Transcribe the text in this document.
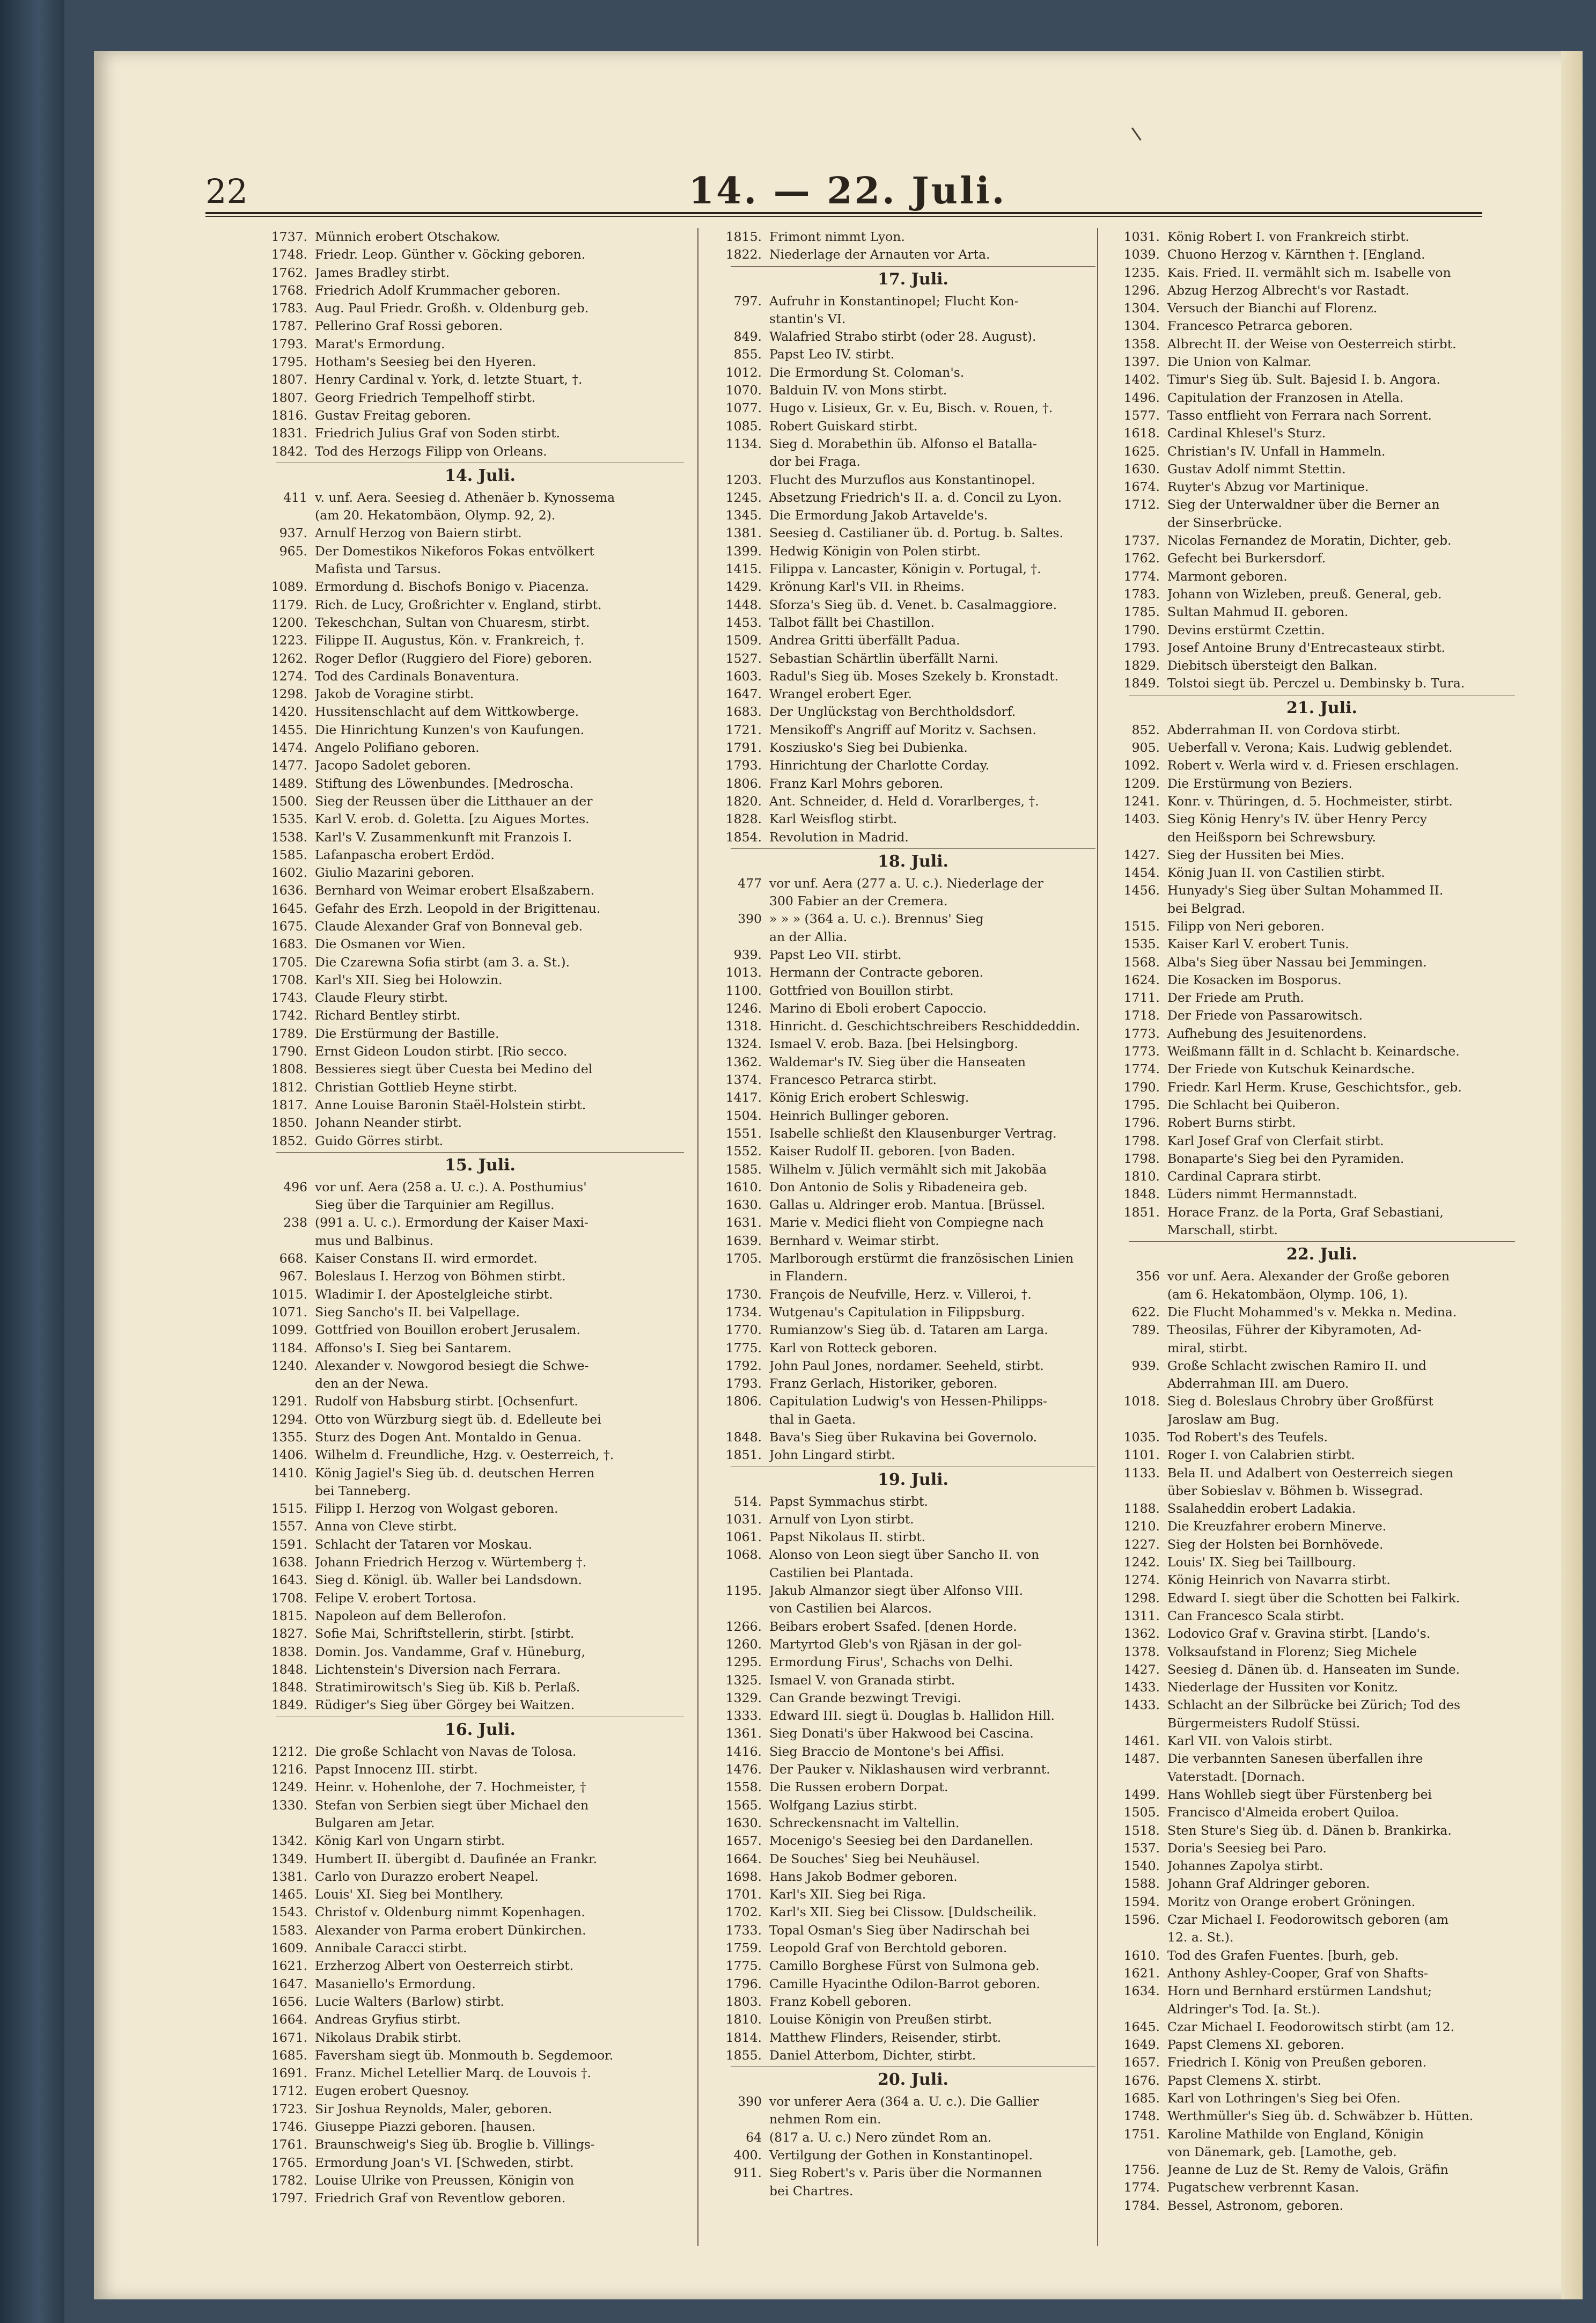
22	14. — 22. Juli.
1737. Münnich erobert Otschakow.
1748. Friedr. Leop. Günther v. Göcking geboren.
1762. James Bradley stirbt.
1768. Friedrich Adolf Krummacher geboren.
1783. Aug. Paul Friedr. Großh. v. Oldenburg geb.
1787. Pellerino Graf Rossi geboren.
1793. Marat's Ermordung.
1795. Hotham's Seesieg bei den Hyeren.
1807. Henry Cardinal v. York, d. letzte Stuart, †.
1807. Georg Friedrich Tempelhoff stirbt.
1816. Gustav Freitag geboren.
1831. Friedrich Julius Graf von Soden stirbt.
1842. Tod des Herzogs Filipp von Orleans.
14. Juli.
411 v. unf. Aera. Seesieg d. Athenäer b. Kynossema
(am 20. Hekatombäon, Olymp. 92, 2).
937. Arnulf Herzog von Baiern stirbt.
965. Der Domestikos Nikeforos Fokas entvölkert
Mafista und Tarsus.
1089. Ermordung d. Bischofs Bonigo v. Piacenza.
1179. Rich. de Lucy, Großrichter v. England, stirbt.
1200. Tekeschchan, Sultan von Chuaresm, stirbt.
1223. Filippe II. Augustus, Kön. v. Frankreich, †.
1262. Roger Deflor (Ruggiero del Fiore) geboren.
1274. Tod des Cardinals Bonaventura.
1298. Jakob de Voragine stirbt.
1420. Hussitenschlacht auf dem Wittkowberge.
1455. Die Hinrichtung Kunzen's von Kaufungen.
1474. Angelo Polifiano geboren.
1477. Jacopo Sadolet geboren.
1489. Stiftung des Löwenbundes. [Medroscha.
1500. Sieg der Reussen über die Litthauer an der
1535. Karl V. erob. d. Goletta. [zu Aigues Mortes.
1538. Karl's V. Zusammenkunft mit Franzois I.
1585. Lafanpascha erobert Erdöd.
1602. Giulio Mazarini geboren.
1636. Bernhard von Weimar erobert Elsaßzabern.
1645. Gefahr des Erzh. Leopold in der Brigittenau.
1675. Claude Alexander Graf von Bonneval geb.
1683. Die Osmanen vor Wien.
1705. Die Czarewna Sofia stirbt (am 3. a. St.).
1708. Karl's XII. Sieg bei Holowzin.
1743. Claude Fleury stirbt.
1742. Richard Bentley stirbt.
1789. Die Erstürmung der Bastille.
1790. Ernst Gideon Loudon stirbt. [Rio secco.
1808. Bessieres siegt über Cuesta bei Medino del
1812. Christian Gottlieb Heyne stirbt.
1817. Anne Louise Baronin Staël-Holstein stirbt.
1850. Johann Neander stirbt.
1852. Guido Görres stirbt.
15. Juli.
496 vor unf. Aera (258 a. U. c.). A. Posthumius'
Sieg über die Tarquinier am Regillus.
238 (991 a. U. c.). Ermordung der Kaiser Maxi-
mus und Balbinus.
668. Kaiser Constans II. wird ermordet.
967. Boleslaus I. Herzog von Böhmen stirbt.
1015. Wladimir I. der Apostelgleiche stirbt.
1071. Sieg Sancho's II. bei Valpellage.
1099. Gottfried von Bouillon erobert Jerusalem.
1184. Affonso's I. Sieg bei Santarem.
1240. Alexander v. Nowgorod besiegt die Schwe-
den an der Newa.
1291. Rudolf von Habsburg stirbt. [Ochsenfurt.
1294. Otto von Würzburg siegt üb. d. Edelleute bei
1355. Sturz des Dogen Ant. Montaldo in Genua.
1406. Wilhelm d. Freundliche, Hzg. v. Oesterreich, †.
1410. König Jagiel's Sieg üb. d. deutschen Herren
bei Tanneberg.
1515. Filipp I. Herzog von Wolgast geboren.
1557. Anna von Cleve stirbt.
1591. Schlacht der Tataren vor Moskau.
1638. Johann Friedrich Herzog v. Würtemberg †.
1643. Sieg d. Königl. üb. Waller bei Landsdown.
1708. Felipe V. erobert Tortosa.
1815. Napoleon auf dem Bellerofon.
1827. Sofie Mai, Schriftstellerin, stirbt. [stirbt.
1838. Domin. Jos. Vandamme, Graf v. Hüneburg,
1848. Lichtenstein's Diversion nach Ferrara.
1848. Stratimirowitsch's Sieg üb. Kiß b. Perlaß.
1849. Rüdiger's Sieg über Görgey bei Waitzen.
16. Juli.
1212. Die große Schlacht von Navas de Tolosa.
1216. Papst Innocenz III. stirbt.
1249. Heinr. v. Hohenlohe, der 7. Hochmeister, †
1330. Stefan von Serbien siegt über Michael den
Bulgaren am Jetar.
1342. König Karl von Ungarn stirbt.
1349. Humbert II. übergibt d. Daufinée an Frankr.
1381. Carlo von Durazzo erobert Neapel.
1465. Louis' XI. Sieg bei Montlhery.
1543. Christof v. Oldenburg nimmt Kopenhagen.
1583. Alexander von Parma erobert Dünkirchen.
1609. Annibale Caracci stirbt.
1621. Erzherzog Albert von Oesterreich stirbt.
1647. Masaniello's Ermordung.
1656. Lucie Walters (Barlow) stirbt.
1664. Andreas Gryfius stirbt.
1671. Nikolaus Drabik stirbt.
1685. Faversham siegt üb. Monmouth b. Segdemoor.
1691. Franz. Michel Letellier Marq. de Louvois †.
1712. Eugen erobert Quesnoy.
1723. Sir Joshua Reynolds, Maler, geboren.
1746. Giuseppe Piazzi geboren. [hausen.
1761. Braunschweig's Sieg üb. Broglie b. Villings-
1765. Ermordung Joan's VI. [Schweden, stirbt.
1782. Louise Ulrike von Preussen, Königin von
1797. Friedrich Graf von Reventlow geboren.
1815. Frimont nimmt Lyon.
1822. Niederlage der Arnauten vor Arta.
17. Juli.
797. Aufruhr in Konstantinopel; Flucht Kon-
stantin's VI.
849. Walafried Strabo stirbt (oder 28. August).
855. Papst Leo IV. stirbt.
1012. Die Ermordung St. Coloman's.
1070. Balduin IV. von Mons stirbt.
1077. Hugo v. Lisieux, Gr. v. Eu, Bisch. v. Rouen, †.
1085. Robert Guiskard stirbt.
1134. Sieg d. Morabethin üb. Alfonso el Batalla-
dor bei Fraga.
1203. Flucht des Murzuflos aus Konstantinopel.
1245. Absetzung Friedrich's II. a. d. Concil zu Lyon.
1345. Die Ermordung Jakob Artavelde's.
1381. Seesieg d. Castilianer üb. d. Portug. b. Saltes.
1399. Hedwig Königin von Polen stirbt.
1415. Filippa v. Lancaster, Königin v. Portugal, †.
1429. Krönung Karl's VII. in Rheims.
1448. Sforza's Sieg üb. d. Venet. b. Casalmaggiore.
1453. Talbot fällt bei Chastillon.
1509. Andrea Gritti überfällt Padua.
1527. Sebastian Schärtlin überfällt Narni.
1603. Radul's Sieg üb. Moses Szekely b. Kronstadt.
1647. Wrangel erobert Eger.
1683. Der Unglückstag von Berchtholdsdorf.
1721. Mensikoff's Angriff auf Moritz v. Sachsen.
1791. Kosziusko's Sieg bei Dubienka.
1793. Hinrichtung der Charlotte Corday.
1806. Franz Karl Mohrs geboren.
1820. Ant. Schneider, d. Held d. Vorarlberges, †.
1828. Karl Weisflog stirbt.
1854. Revolution in Madrid.
18. Juli.
477 vor unf. Aera (277 a. U. c.). Niederlage der
300 Fabier an der Cremera.
390 » » » (364 a. U. c.). Brennus' Sieg
an der Allia.
939. Papst Leo VII. stirbt.
1013. Hermann der Contracte geboren.
1100. Gottfried von Bouillon stirbt.
1246. Marino di Eboli erobert Capoccio.
1318. Hinricht. d. Geschichtschreibers Reschiddeddin.
1324. Ismael V. erob. Baza. [bei Helsingborg.
1362. Waldemar's IV. Sieg über die Hanseaten
1374. Francesco Petrarca stirbt.
1417. König Erich erobert Schleswig.
1504. Heinrich Bullinger geboren.
1551. Isabelle schließt den Klausenburger Vertrag.
1552. Kaiser Rudolf II. geboren. [von Baden.
1585. Wilhelm v. Jülich vermählt sich mit Jakobäa
1610. Don Antonio de Solis y Ribadeneira geb.
1630. Gallas u. Aldringer erob. Mantua. [Brüssel.
1631. Marie v. Medici flieht von Compiegne nach
1639. Bernhard v. Weimar stirbt.
1705. Marlborough erstürmt die französischen Linien
in Flandern.
1730. François de Neufville, Herz. v. Villeroi, †.
1734. Wutgenau's Capitulation in Filippsburg.
1770. Rumianzow's Sieg üb. d. Tataren am Larga.
1775. Karl von Rotteck geboren.
1792. John Paul Jones, nordamer. Seeheld, stirbt.
1793. Franz Gerlach, Historiker, geboren.
1806. Capitulation Ludwig's von Hessen-Philipps-
thal in Gaeta.
1848. Bava's Sieg über Rukavina bei Governolo.
1851. John Lingard stirbt.
19. Juli.
514. Papst Symmachus stirbt.
1031. Arnulf von Lyon stirbt.
1061. Papst Nikolaus II. stirbt.
1068. Alonso von Leon siegt über Sancho II. von
Castilien bei Plantada.
1195. Jakub Almanzor siegt über Alfonso VIII.
von Castilien bei Alarcos.
1266. Beibars erobert Ssafed. [denen Horde.
1260. Martyrtod Gleb's von Rjäsan in der gol-
1295. Ermordung Firus', Schachs von Delhi.
1325. Ismael V. von Granada stirbt.
1329. Can Grande bezwingt Trevigi.
1333. Edward III. siegt ü. Douglas b. Hallidon Hill.
1361. Sieg Donati's über Hakwood bei Cascina.
1416. Sieg Braccio de Montone's bei Affisi.
1476. Der Pauker v. Niklashausen wird verbrannt.
1558. Die Russen erobern Dorpat.
1565. Wolfgang Lazius stirbt.
1630. Schreckensnacht im Valtellin.
1657. Mocenigo's Seesieg bei den Dardanellen.
1664. De Souches' Sieg bei Neuhäusel.
1698. Hans Jakob Bodmer geboren.
1701. Karl's XII. Sieg bei Riga.
1702. Karl's XII. Sieg bei Clissow. [Duldscheilik.
1733. Topal Osman's Sieg über Nadirschah bei
1759. Leopold Graf von Berchtold geboren.
1775. Camillo Borghese Fürst von Sulmona geb.
1796. Camille Hyacinthe Odilon-Barrot geboren.
1803. Franz Kobell geboren.
1810. Louise Königin von Preußen stirbt.
1814. Matthew Flinders, Reisender, stirbt.
1855. Daniel Atterbom, Dichter, stirbt.
20. Juli.
390 vor unferer Aera (364 a. U. c.). Die Gallier
nehmen Rom ein.
64 (817 a. U. c.) Nero zündet Rom an.
400. Vertilgung der Gothen in Konstantinopel.
911. Sieg Robert's v. Paris über die Normannen
bei Chartres.
1031. König Robert I. von Frankreich stirbt.
1039. Chuono Herzog v. Kärnthen †. [England.
1235. Kais. Fried. II. vermählt sich m. Isabelle von
1296. Abzug Herzog Albrecht's vor Rastadt.
1304. Versuch der Bianchi auf Florenz.
1304. Francesco Petrarca geboren.
1358. Albrecht II. der Weise von Oesterreich stirbt.
1397. Die Union von Kalmar.
1402. Timur's Sieg üb. Sult. Bajesid I. b. Angora.
1496. Capitulation der Franzosen in Atella.
1577. Tasso entflieht von Ferrara nach Sorrent.
1618. Cardinal Khlesel's Sturz.
1625. Christian's IV. Unfall in Hammeln.
1630. Gustav Adolf nimmt Stettin.
1674. Ruyter's Abzug vor Martinique.
1712. Sieg der Unterwaldner über die Berner an
der Sinserbrücke.
1737. Nicolas Fernandez de Moratin, Dichter, geb.
1762. Gefecht bei Burkersdorf.
1774. Marmont geboren.
1783. Johann von Wizleben, preuß. General, geb.
1785. Sultan Mahmud II. geboren.
1790. Devins erstürmt Czettin.
1793. Josef Antoine Bruny d'Entrecasteaux stirbt.
1829. Diebitsch übersteigt den Balkan.
1849. Tolstoi siegt üb. Perczel u. Dembinsky b. Tura.
21. Juli.
852. Abderrahman II. von Cordova stirbt.
905. Ueberfall v. Verona; Kais. Ludwig geblendet.
1092. Robert v. Werla wird v. d. Friesen erschlagen.
1209. Die Erstürmung von Beziers.
1241. Konr. v. Thüringen, d. 5. Hochmeister, stirbt.
1403. Sieg König Henry's IV. über Henry Percy
den Heißsporn bei Schrewsbury.
1427. Sieg der Hussiten bei Mies.
1454. König Juan II. von Castilien stirbt.
1456. Hunyady's Sieg über Sultan Mohammed II.
bei Belgrad.
1515. Filipp von Neri geboren.
1535. Kaiser Karl V. erobert Tunis.
1568. Alba's Sieg über Nassau bei Jemmingen.
1624. Die Kosacken im Bosporus.
1711. Der Friede am Pruth.
1718. Der Friede von Passarowitsch.
1773. Aufhebung des Jesuitenordens.
1773. Weißmann fällt in d. Schlacht b. Keinardsche.
1774. Der Friede von Kutschuk Keinardsche.
1790. Friedr. Karl Herm. Kruse, Geschichtsfor., geb.
1795. Die Schlacht bei Quiberon.
1796. Robert Burns stirbt.
1798. Karl Josef Graf von Clerfait stirbt.
1798. Bonaparte's Sieg bei den Pyramiden.
1810. Cardinal Caprara stirbt.
1848. Lüders nimmt Hermannstadt.
1851. Horace Franz. de la Porta, Graf Sebastiani,
Marschall, stirbt.
22. Juli.
356 vor unf. Aera. Alexander der Große geboren
(am 6. Hekatombäon, Olymp. 106, 1).
622. Die Flucht Mohammed's v. Mekka n. Medina.
789. Theosilas, Führer der Kibyramoten, Ad-
miral, stirbt.
939. Große Schlacht zwischen Ramiro II. und
Abderrahman III. am Duero.
1018. Sieg d. Boleslaus Chrobry über Großfürst
Jaroslaw am Bug.
1035. Tod Robert's des Teufels.
1101. Roger I. von Calabrien stirbt.
1133. Bela II. und Adalbert von Oesterreich siegen
über Sobieslav v. Böhmen b. Wissegrad.
1188. Ssalaheddin erobert Ladakia.
1210. Die Kreuzfahrer erobern Minerve.
1227. Sieg der Holsten bei Bornhövede.
1242. Louis' IX. Sieg bei Taillbourg.
1274. König Heinrich von Navarra stirbt.
1298. Edward I. siegt über die Schotten bei Falkirk.
1311. Can Francesco Scala stirbt.
1362. Lodovico Graf v. Gravina stirbt. [Lando's.
1378. Volksaufstand in Florenz; Sieg Michele
1427. Seesieg d. Dänen üb. d. Hanseaten im Sunde.
1433. Niederlage der Hussiten vor Konitz.
1433. Schlacht an der Silbrücke bei Zürich; Tod des
Bürgermeisters Rudolf Stüssi.
1461. Karl VII. von Valois stirbt.
1487. Die verbannten Sanesen überfallen ihre
Vaterstadt. [Dornach.
1499. Hans Wohlleb siegt über Fürstenberg bei
1505. Francisco d'Almeida erobert Quiloa.
1518. Sten Sture's Sieg üb. d. Dänen b. Brankirka.
1537. Doria's Seesieg bei Paro.
1540. Johannes Zapolya stirbt.
1588. Johann Graf Aldringer geboren.
1594. Moritz von Orange erobert Gröningen.
1596. Czar Michael I. Feodorowitsch geboren (am
12. a. St.).
1610. Tod des Grafen Fuentes. [burh, geb.
1621. Anthony Ashley-Cooper, Graf von Shafts-
1634. Horn und Bernhard erstürmen Landshut;
Aldringer's Tod. [a. St.).
1645. Czar Michael I. Feodorowitsch stirbt (am 12.
1649. Papst Clemens XI. geboren.
1657. Friedrich I. König von Preußen geboren.
1676. Papst Clemens X. stirbt.
1685. Karl von Lothringen's Sieg bei Ofen.
1748. Werthmüller's Sieg üb. d. Schwäbzer b. Hütten.
1751. Karoline Mathilde von England, Königin
von Dänemark, geb. [Lamothe, geb.
1756. Jeanne de Luz de St. Remy de Valois, Gräfin
1774. Pugatschew verbrennt Kasan.
1784. Bessel, Astronom, geboren.
